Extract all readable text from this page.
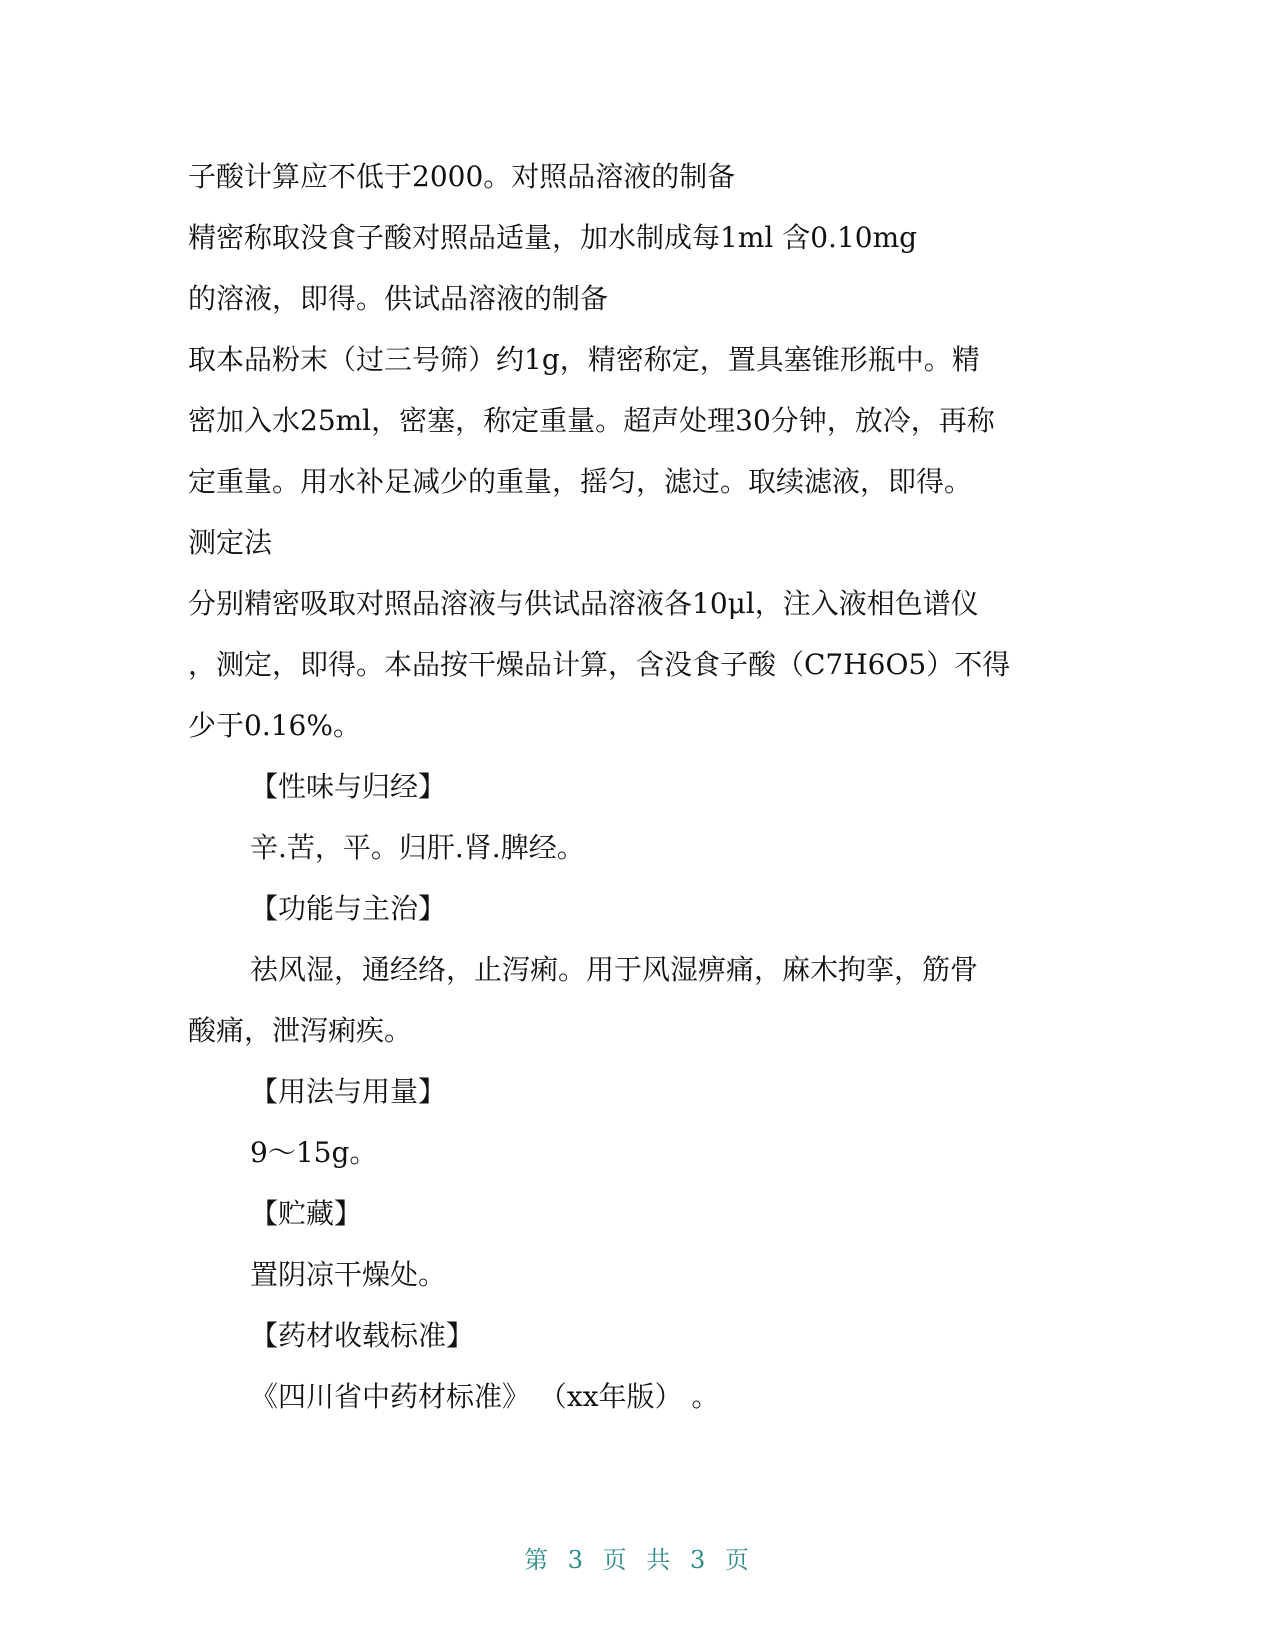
子酸计算应不低于2000。对照品溶液的制备
精密称取没食子酸对照品适量，加水制成每1ml 含0.10mg
的溶液，即得。供试品溶液的制备
取本品粉末（过三号筛）约1g，精密称定，置具塞锥形瓶中。精
密加入水25ml，密塞，称定重量。超声处理30分钟，放冷，再称
定重量。用水补足减少的重量，摇匀，滤过。取续滤液，即得。
测定法
分别精密吸取对照品溶液与供试品溶液各10μl，注入液相色谱仪
，测定，即得。本品按干燥品计算，含没食子酸（C7H6O5）不得
少于0.16%。
【性味与归经】
辛.苦，平。归肝.肾.脾经。
【功能与主治】
祛风湿，通经络，止泻痢。用于风湿痹痛，麻木拘挛，筋骨
酸痛，泄泻痢疾。
【用法与用量】
9～15g。
【贮藏】
置阴凉干燥处。
【药材收载标准】
《四川省中药材标准》 （xx年版） 。
第 3 页 共 3 页
